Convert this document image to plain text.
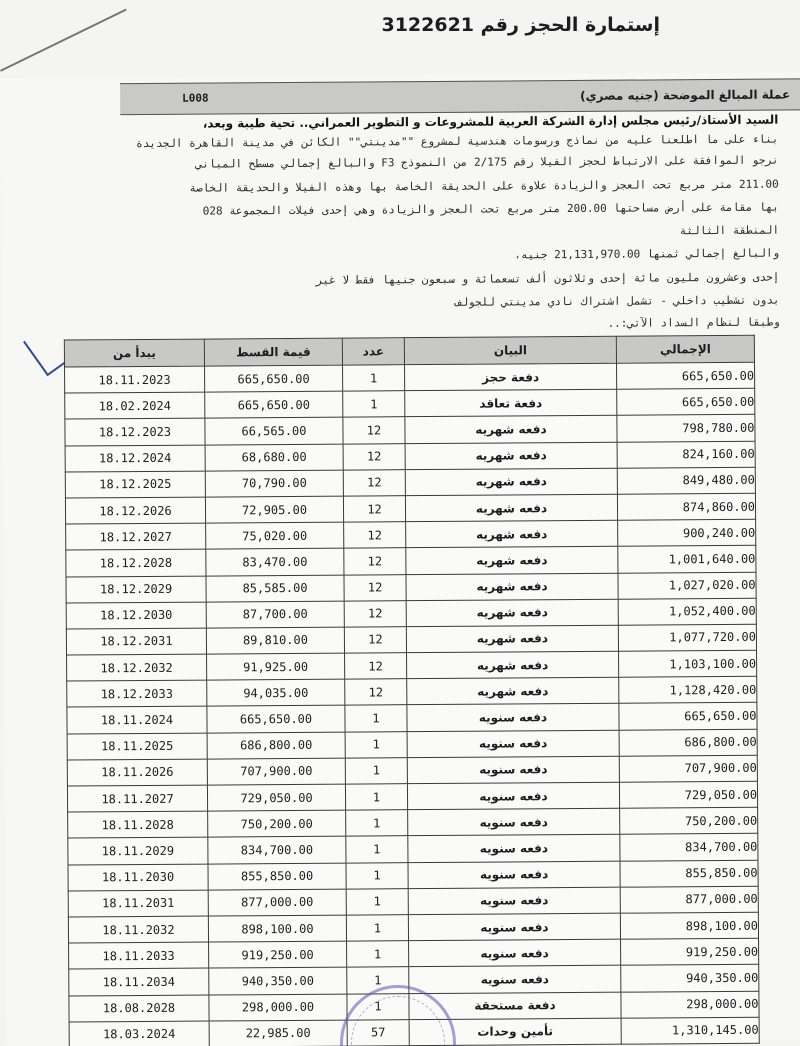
إستمارة الحجز رقم 3122621
عملة المبالغ الموضحة (جنيه مصري)
L008
السيد الأستاذ/رئيس مجلس إدارة الشركة العربية للمشروعات و التطوير العمراني.. تحية طيبة وبعد،
بناء على ما اطلعنا عليه من نماذج ورسومات هندسية لمشروع ""مدينتي"" الكائن في مدينة القاهرة الجديدة
نرجو الموافقة على الارتباط لحجز الفيلا رقم 2/175 من النموذج F3 والبالغ إجمالي مسطح المباني
211.00 متر مربع تحت العجز والزيادة علاوة على الحديقة الخاصة بها وهذه الفيلا والحديقة الخاصة
بها مقامة على أرض مساحتها 200.00 متر مربع تحت العجز والزيادة وهي إحدى فيلات المجموعة 028
المنطقة الثالثة
والبالغ إجمالي ثمنها 21,131,970.00 جنيه،
إحدى وعشرون مليون مائة إحدى وثلاثون ألف تسعمائة و سبعون جنيها فقط لا غير
بدون تشطيب داخلي - تشمل اشتراك نادي مدينتي للجولف
وطبقا لنظام السداد الآتي:..
يبدأ من	قيمة القسط	عدد	البيان	الإجمالي
18.11.2023	665,650.00	1	دفعة حجز	665,650.00
18.02.2024	665,650.00	1	دفعة تعاقد	665,650.00
18.12.2023	66,565.00	12	دفعه شهريه	798,780.00
18.12.2024	68,680.00	12	دفعه شهريه	824,160.00
18.12.2025	70,790.00	12	دفعه شهريه	849,480.00
18.12.2026	72,905.00	12	دفعه شهريه	874,860.00
18.12.2027	75,020.00	12	دفعه شهريه	900,240.00
18.12.2028	83,470.00	12	دفعه شهريه	1,001,640.00
18.12.2029	85,585.00	12	دفعه شهريه	1,027,020.00
18.12.2030	87,700.00	12	دفعه شهريه	1,052,400.00
18.12.2031	89,810.00	12	دفعه شهريه	1,077,720.00
18.12.2032	91,925.00	12	دفعه شهريه	1,103,100.00
18.12.2033	94,035.00	12	دفعه شهريه	1,128,420.00
18.11.2024	665,650.00	1	دفعه سنويه	665,650.00
18.11.2025	686,800.00	1	دفعه سنويه	686,800.00
18.11.2026	707,900.00	1	دفعه سنويه	707,900.00
18.11.2027	729,050.00	1	دفعه سنويه	729,050.00
18.11.2028	750,200.00	1	دفعه سنويه	750,200.00
18.11.2029	834,700.00	1	دفعه سنويه	834,700.00
18.11.2030	855,850.00	1	دفعه سنويه	855,850.00
18.11.2031	877,000.00	1	دفعه سنويه	877,000.00
18.11.2032	898,100.00	1	دفعه سنويه	898,100.00
18.11.2033	919,250.00	1	دفعه سنويه	919,250.00
18.11.2034	940,350.00	1	دفعه سنويه	940,350.00
18.08.2028	298,000.00	1	دفعة مستحقة	298,000.00
18.03.2024	22,985.00	57	تأمين وحدات	1,310,145.00
